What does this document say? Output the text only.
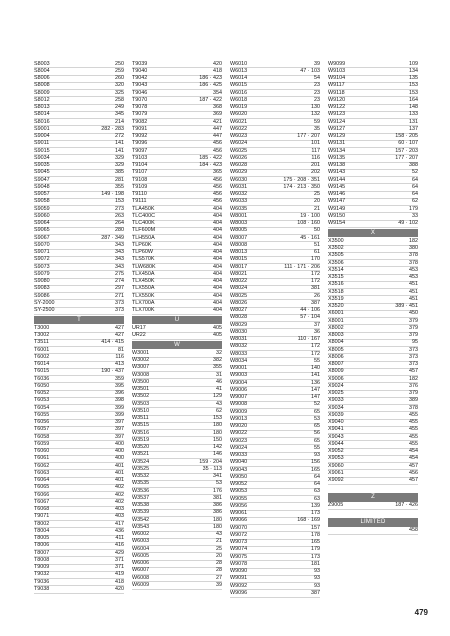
S8003	250
S8004	259
S8006	260
S8008	320
S8009	325
S8012	258
S8013	249
S8014	345
S8016	214
S9001	282 · 283
S9004	272
S9011	141
S9015	141
S9034	329
S9035	329
S9045	385
S9047	281
S9048	355
S9057	149 · 198
S9058	153
S9059	273
S9060	263
S9064	264
S9065	280
S9067	287 · 349
S9070	343
S9071	343
S9072	343
S9073	343
S9079	275
S9080	274
S9083	297
S9086	271
SY-2000	373
SY-2500	373
T
T3000	427
T3002	427
T3511	414 · 415
T6001	81
T6002	116
T6014	413
T6015	190 · 437
T6036	359
T6050	395
T6052	396
T6053	398
T6054	399
T6055	399
T6056	397
T6057	397
T6058	397
T6059	400
T6060	400
T6061	400
T6062	401
T6063	401
T6064	401
T6065	402
T6066	402
T6067	402
T6068	403
T9071	403
T8002	417
T8004	436
T8005	411
T8006	416
T8007	429
T8008	371
T9009	371
T9032	419
T9036	418
T9038	420
T9039	420
T9040	418
T9042	186 · 423
T9043	186 · 425
T9046	354
T9070	187 · 422
T9078	368
T9079	369
T9082	421
T9091	447
T9092	447
T9096	456
T9097	456
T9103	185 · 422
T9104	184 · 423
T9107	365
T9108	456
T9109	456
T9110	456
T9111	456
TLA450K	404
TLC400C	404
TLC400K	404
TLF600M	404
TLH550A	404
TLP60K	404
TLP60W	404
TLS570K	404
TLW680K	404
TLX450A	404
TLX450K	404
TLX550A	404
TLX550K	404
TLX700A	404
TLX700K	404
U
UR17	405
UR22	405
W
W3001	32
W3002	382
W3007	355
W3008	31
W3500	46
W3501	41
W3502	129
W3503	43
W3510	62
W3511	153
W3515	180
W3516	180
W3519	150
W3520	142
W3521	146
W3524	159 · 204
W3525	35 · 113
W3532	341
W3535	53
W3536	176
W3537	381
W3538	386
W3539	386
W3542	180
W3543	180
W6002	43
W6003	21
W6004	25
W6005	20
W6006	28
W6007	28
W6008	27
W6009	39
W6010	39
W6013	47 · 103
W6014	54
W6015	23
W6016	23
W6018	23
W6019	130
W6020	132
W6021	59
W6022	35
W6023	177 · 207
W6024	101
W6025	117
W6026	116
W6028	201
W6029	202
W6030	175 · 208 · 351
W6031	174 · 213 · 350
W6032	25
W6033	20
W6035	21
W8001	19 · 100
W8003	108 · 160
W8005	50
W8007	45 · 161
W8008	51
W8013	61
W8015	170
W8017	111 · 171 · 206
W8021	172
W8022	172
W8024	381
W8025	26
W8026	387
W8027	44 · 106
W8028	57 · 104
W8029	37
W8030	36
W8031	110 · 167
W8032	172
W8033	172
W8034	55
W9001	140
W9003	141
W9004	136
W9006	147
W9007	147
W9008	52
W9009	65
W9013	53
W9020	65
W9022	56
W9023	65
W9024	55
W9033	93
W9040	156
W9043	165
W9050	64
W9052	64
W9053	63
W9055	63
W9056	139
W9061	173
W9066	168 · 169
W9070	157
W9072	178
W9073	165
W9074	179
W9075	173
W9078	181
W9090	93
W9091	93
W9092	93
W9096	387
W9099	109
W9103	134
W9104	135
W9117	153
W9118	153
W9120	164
W9122	148
W9123	133
W9124	131
W9127	137
W9129	158 · 205
W9131	60 · 107
W9134	157 · 203
W9135	177 · 207
W9138	388
W9143	52
W9144	64
W9145	64
W9146	64
W9147	62
W9149	179
W9150	33
W9154	49 · 102
X
X3500	182
X3502	380
X3505	378
X3506	378
X3514	453
X3515	453
X3516	451
X3518	451
X3519	451
X3520	389 · 451
X6001	450
X8001	379
X8002	379
X8003	379
X8004	95
X8005	373
X8006	373
X8007	373
X8009	457
X9006	182
X9024	376
X9025	379
X9033	389
X9034	378
X9039	455
X9040	455
X9041	455
X9043	455
X9044	455
X9052	454
X9053	454
X9060	457
X9061	456
X9092	457
Z
Z9005	187 · 426
LIMITED
458
479
